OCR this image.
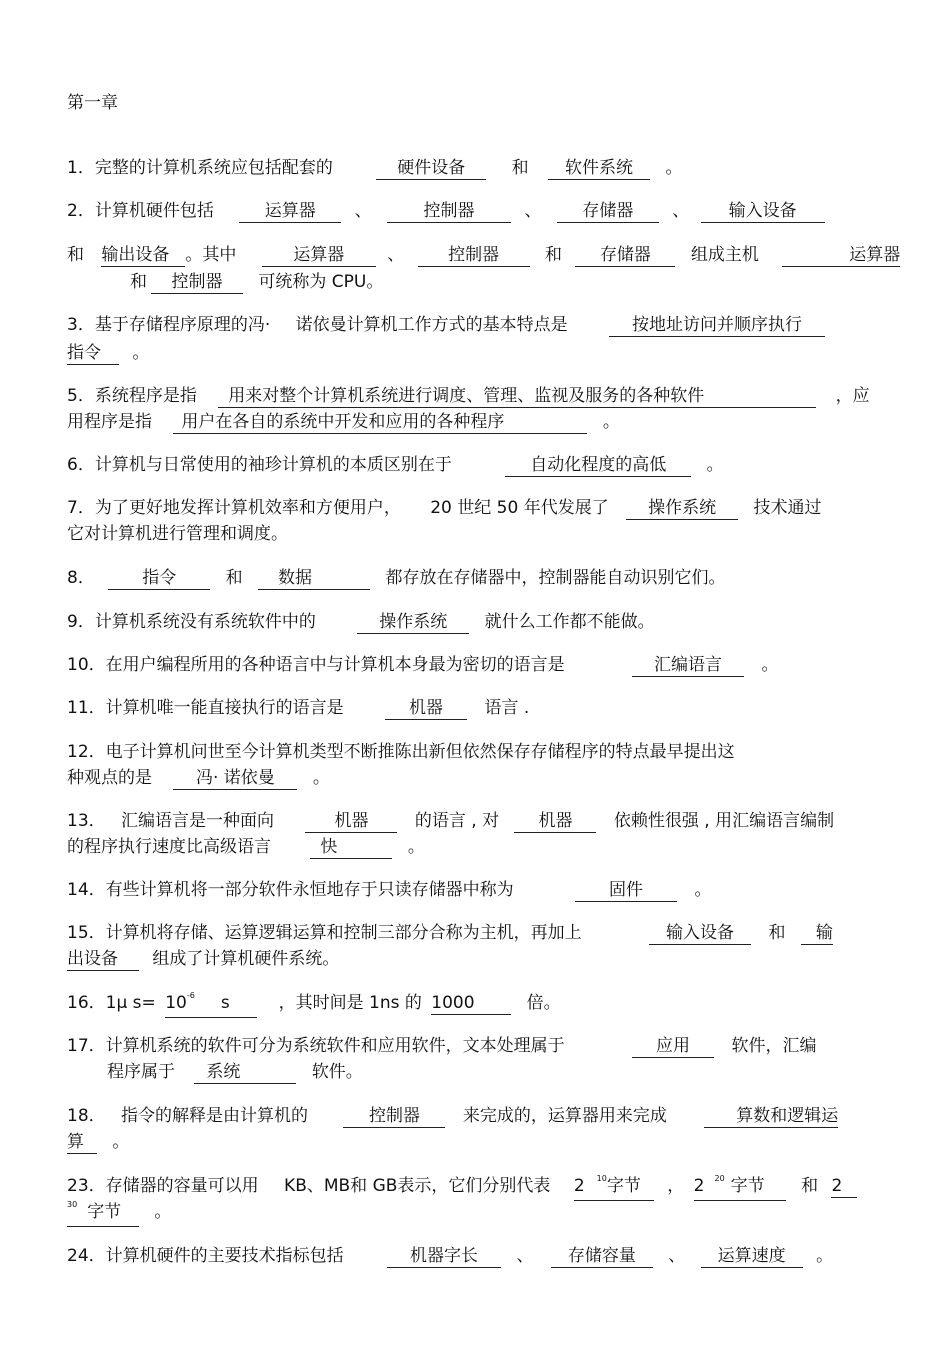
第一章
1．完整的计算机系统应包括配套的	硬件设备	和 软件系统 。
2．计算机硬件包括	运算器 、	控制器	、 存储器 、 输入设备
和 输出设备 。其中	运算器	、	控制器	和 存储器 组成主机	运算器
和 控制器 可统称为 CPU。
3．基于存储程序原理的冯· 诺依曼计算机工作方式的基本特点是	按地址访问并顺序执行
指令 。
5．系统程序是指 用来对整个计算机系统进行调度、管理、监视及服务的各种软件	，应
用程序是指 用户在各自的系统中开发和应用的各种程序	。
6．计算机与日常使用的袖珍计算机的本质区别在于	自动化程度的高低 。
7．为了更好地发挥计算机效率和方便用户， 20 世纪 50 年代发展了 操作系统 技术通过
它对计算机进行管理和调度。
8．	指令	和 数据	都存放在存储器中，控制器能自动识别它们。
9．计算机系统没有系统软件中的	操作系统 就什么工作都不能做。
10．在用户编程所用的各种语言中与计算机本身最为密切的语言是	汇编语言 。
11．计算机唯一能直接执行的语言是	机器 语言 .
12．电子计算机问世至今计算机类型不断推陈出新但依然保存存储程序的特点最早提出这
种观点的是	冯· 诺依曼 。
13． 汇编语言是一种面向	机器	的语言 , 对 机器 依赖性很强 , 用汇编语言编制
的程序执行速度比高级语言	快	。
14．有些计算机将一部分软件永恒地存于只读存储器中称为	固件	。
15．计算机将存储、运算逻辑运算和控制三部分合称为主机，再加上	输入设备 和 输
出设备 组成了计算机硬件系统。
16．1μ $s= 10^{-6}$ s	，其时间是 1ns 的 1000	倍。
17．计算机系统的软件可分为系统软件和应用软件，文本处理属于	应用 软件，汇编
程序属于 系统	软件。
18． 指令的解释是由计算机的	控制器	来完成的，运算器用来完成	算数和逻辑运
算 。
23．存储器的容量可以用 KB、MB和 GB表示，它们分别代表 2 $^{10}$字节 ， 2 $^{20}$ 字节 和 2
$^{30}$ 字节 。
24．计算机硬件的主要技术指标包括	机器字长 、 存储容量 、 运算速度 。
